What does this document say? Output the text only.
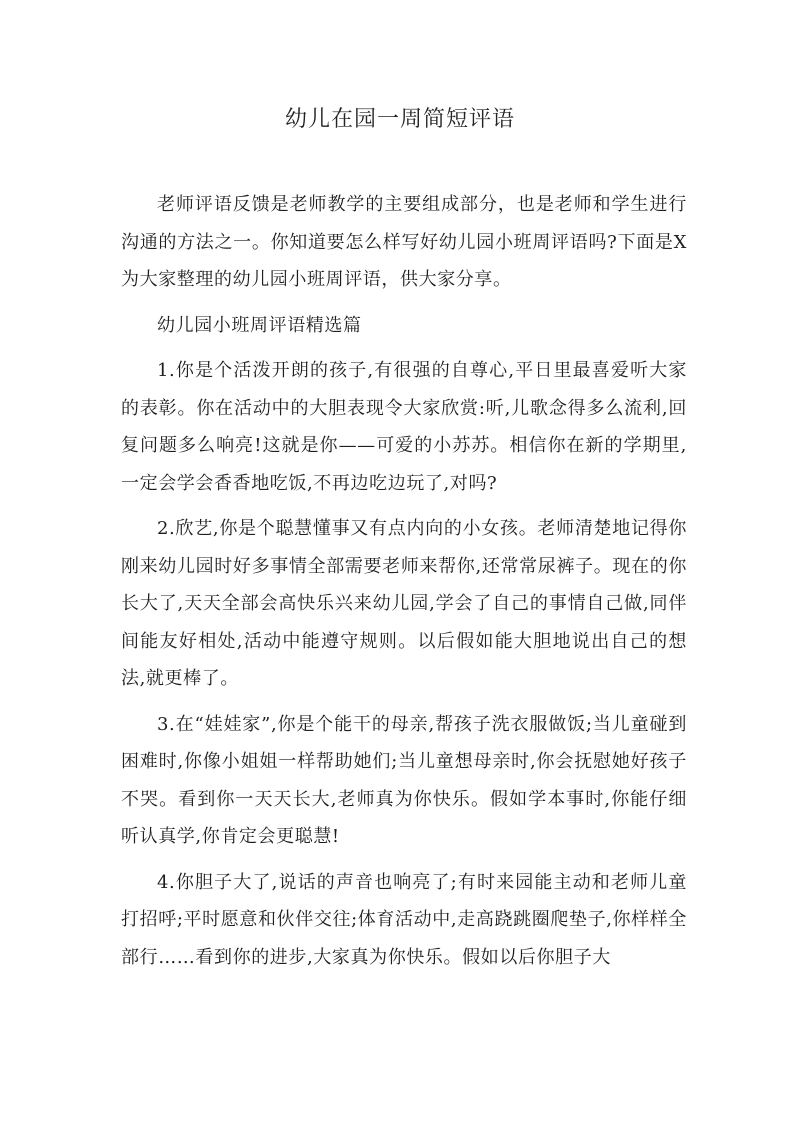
幼儿在园一周简短评语

老师评语反馈是老师教学的主要组成部分，也是老师和学生进行沟通的方法之一。你知道要怎么样写好幼儿园小班周评语吗?下面是X为大家整理的幼儿园小班周评语，供大家分享。

幼儿园小班周评语精选篇

1.你是个活泼开朗的孩子,有很强的自尊心,平日里最喜爱听大家的表彰。你在活动中的大胆表现令大家欣赏:听,儿歌念得多么流利,回复问题多么响亮!这就是你——可爱的小苏苏。相信你在新的学期里,一定会学会香香地吃饭,不再边吃边玩了,对吗?

2.欣艺,你是个聪慧懂事又有点内向的小女孩。老师清楚地记得你刚来幼儿园时好多事情全部需要老师来帮你,还常常尿裤子。现在的你长大了,天天全部会高快乐兴来幼儿园,学会了自己的事情自己做,同伴间能友好相处,活动中能遵守规则。以后假如能大胆地说出自己的想法,就更棒了。

3.在“娃娃家”,你是个能干的母亲,帮孩子洗衣服做饭;当儿童碰到困难时,你像小姐姐一样帮助她们;当儿童想母亲时,你会抚慰她好孩子不哭。看到你一天天长大,老师真为你快乐。假如学本事时,你能仔细听认真学,你肯定会更聪慧!

4.你胆子大了,说话的声音也响亮了;有时来园能主动和老师儿童打招呼;平时愿意和伙伴交往;体育活动中,走高跷跳圈爬垫子,你样样全部行……看到你的进步,大家真为你快乐。假如以后你胆子大
